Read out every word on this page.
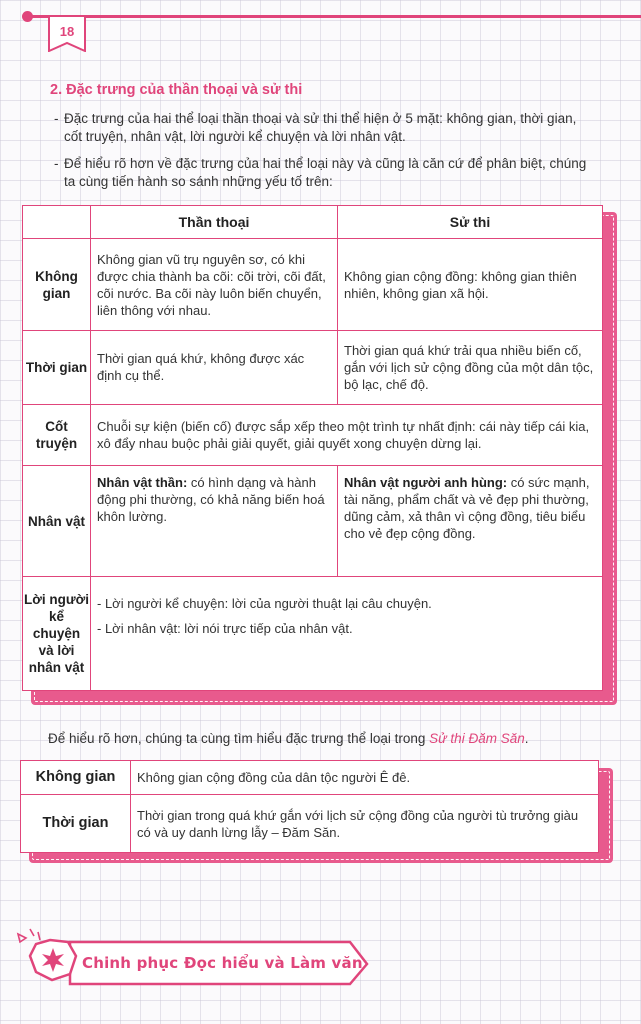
18
2. Đặc trưng của thần thoại và sử thi
- Đặc trưng của hai thể loại thần thoại và sử thi thể hiện ở 5 mặt: không gian, thời gian, cốt truyện, nhân vật, lời người kể chuyện và lời nhân vật.
- Để hiểu rõ hơn về đặc trưng của hai thể loại này và cũng là căn cứ để phân biệt, chúng ta cùng tiến hành so sánh những yếu tố trên:
	Thần thoại	Sử thi
Không gian	Không gian vũ trụ nguyên sơ, có khi được chia thành ba cõi: cõi trời, cõi đất, cõi nước. Ba cõi này luôn biến chuyển, liên thông với nhau.	Không gian cộng đồng: không gian thiên nhiên, không gian xã hội.
Thời gian	Thời gian quá khứ, không được xác định cụ thể.	Thời gian quá khứ trải qua nhiều biến cố, gắn với lịch sử cộng đồng của một dân tộc, bộ lạc, chế độ.
Cốt truyện	Chuỗi sự kiện (biến cố) được sắp xếp theo một trình tự nhất định: cái này tiếp cái kia, xô đẩy nhau buộc phải giải quyết, giải quyết xong chuyện dừng lại.	
Nhân vật	Nhân vật thần: có hình dạng và hành động phi thường, có khả năng biến hoá khôn lường.	Nhân vật người anh hùng: có sức mạnh, tài năng, phẩm chất và vẻ đẹp phi thường, dũng cảm, xả thân vì cộng đồng, tiêu biểu cho vẻ đẹp cộng đồng.
Lời người kể chuyện và lời nhân vật	- Lời người kể chuyện: lời của người thuật lại câu chuyện.
- Lời nhân vật: lời nói trực tiếp của nhân vật.	
Để hiểu rõ hơn, chúng ta cùng tìm hiểu đặc trưng thể loại trong Sử thi Đăm Săn.
Không gian	Không gian cộng đồng của dân tộc người Ê đê.
Thời gian	Thời gian trong quá khứ gắn với lịch sử cộng đồng của người tù trưởng giàu có và uy danh lừng lẫy – Đăm Săn.
Chinh phục Đọc hiểu và Làm văn
